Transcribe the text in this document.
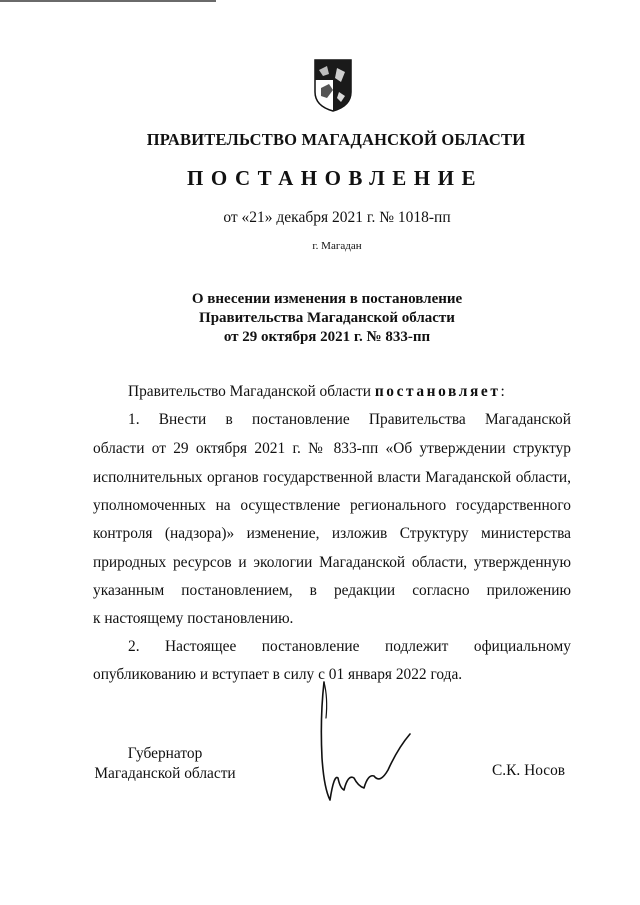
ПРАВИТЕЛЬСТВО МАГАДАНСКОЙ ОБЛАСТИ
ПОСТАНОВЛЕНИЕ
от «21» декабря 2021 г. № 1018-пп
г. Магадан
О внесении изменения в постановление
Правительства Магаданской области
от 29 октября 2021 г. № 833-пп
Правительство Магаданской области постановляет:
1. Внести в постановление Правительства Магаданской
области от 29 октября 2021 г. № 833-пп «Об утверждении структур
исполнительных органов государственной власти Магаданской области,
уполномоченных на осуществление регионального государственного
контроля (надзора)» изменение, изложив Структуру министерства
природных ресурсов и экологии Магаданской области, утвержденную
указанным постановлением, в редакции согласно приложению
к настоящему постановлению.
2. Настоящее постановление подлежит официальному
опубликованию и вступает в силу с 01 января 2022 года.
Губернатор
Магаданской области	С.К. Носов
